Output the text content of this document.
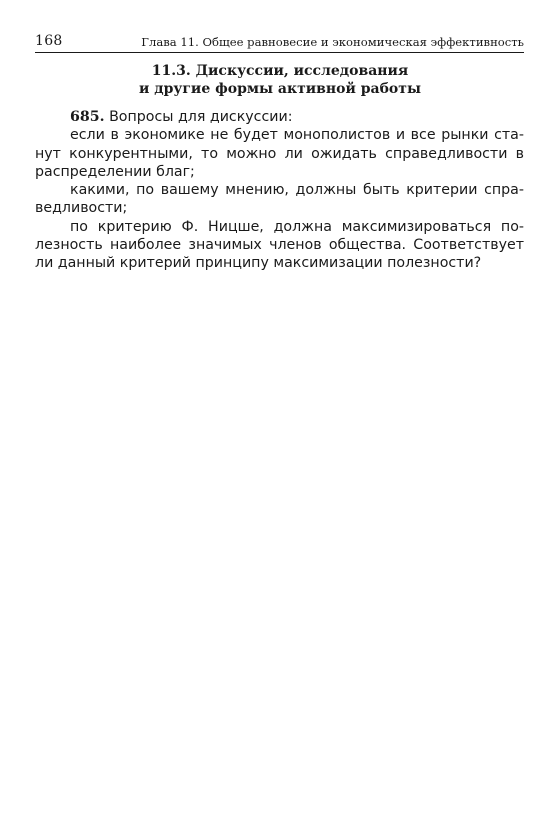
168	Глава 11. Общее равновесие и экономическая эффективность
11.3. Дискуссии, исследования
и другие формы активной работы
685. Вопросы для дискуссии:
если в экономике не будет монополистов и все рынки ста-
нут конкурентными, то можно ли ожидать справедливости в
распределении благ;
какими, по вашему мнению, должны быть критерии спра-
ведливости;
по критерию Ф. Ницше, должна максимизироваться по-
лезность наиболее значимых членов общества. Соответствует
ли данный критерий принципу максимизации полезности?
